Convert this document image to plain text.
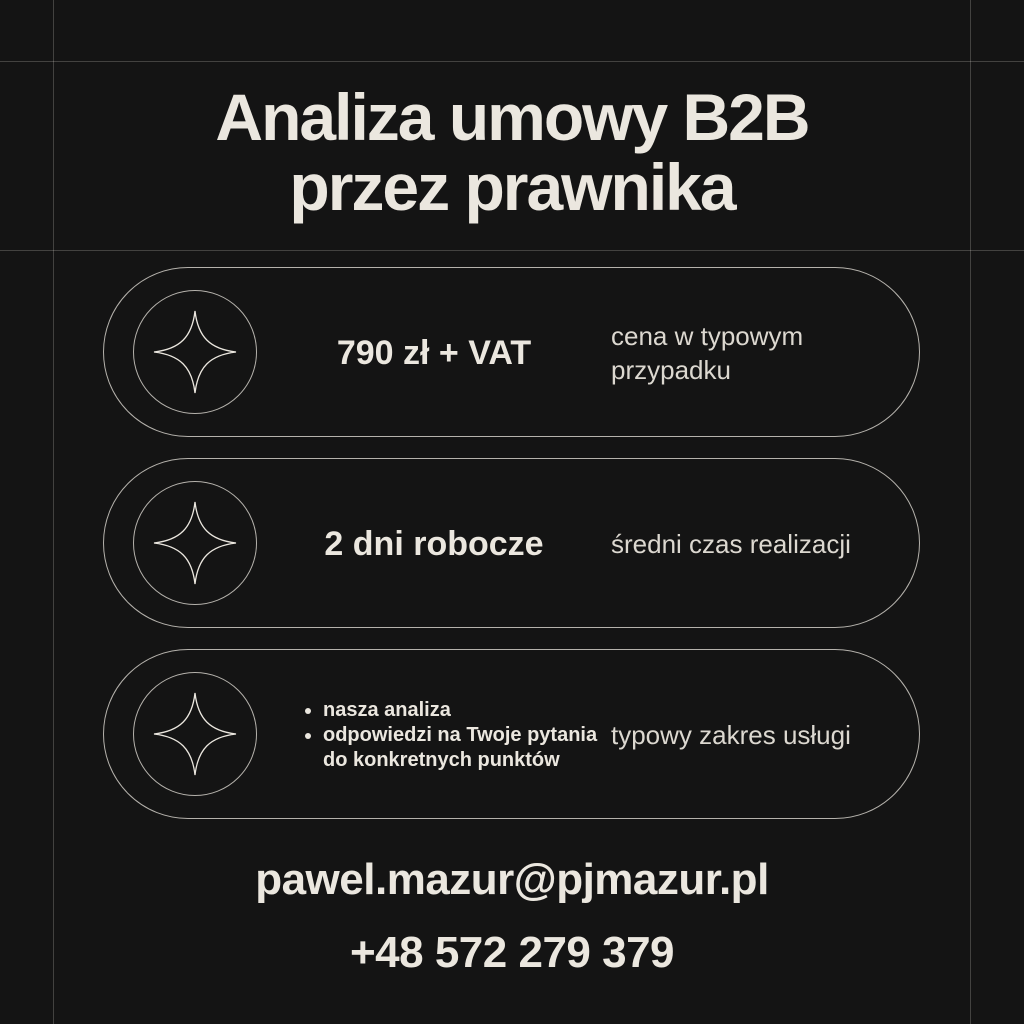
Analiza umowy B2B
przez prawnika
790 zł + VAT	cena w typowym przypadku
2 dni robocze	średni czas realizacji
nasza analiza
odpowiedzi na Twoje pytania do konkretnych punktów
typowy zakres usługi
pawel.mazur@pjmazur.pl
+48 572 279 379
